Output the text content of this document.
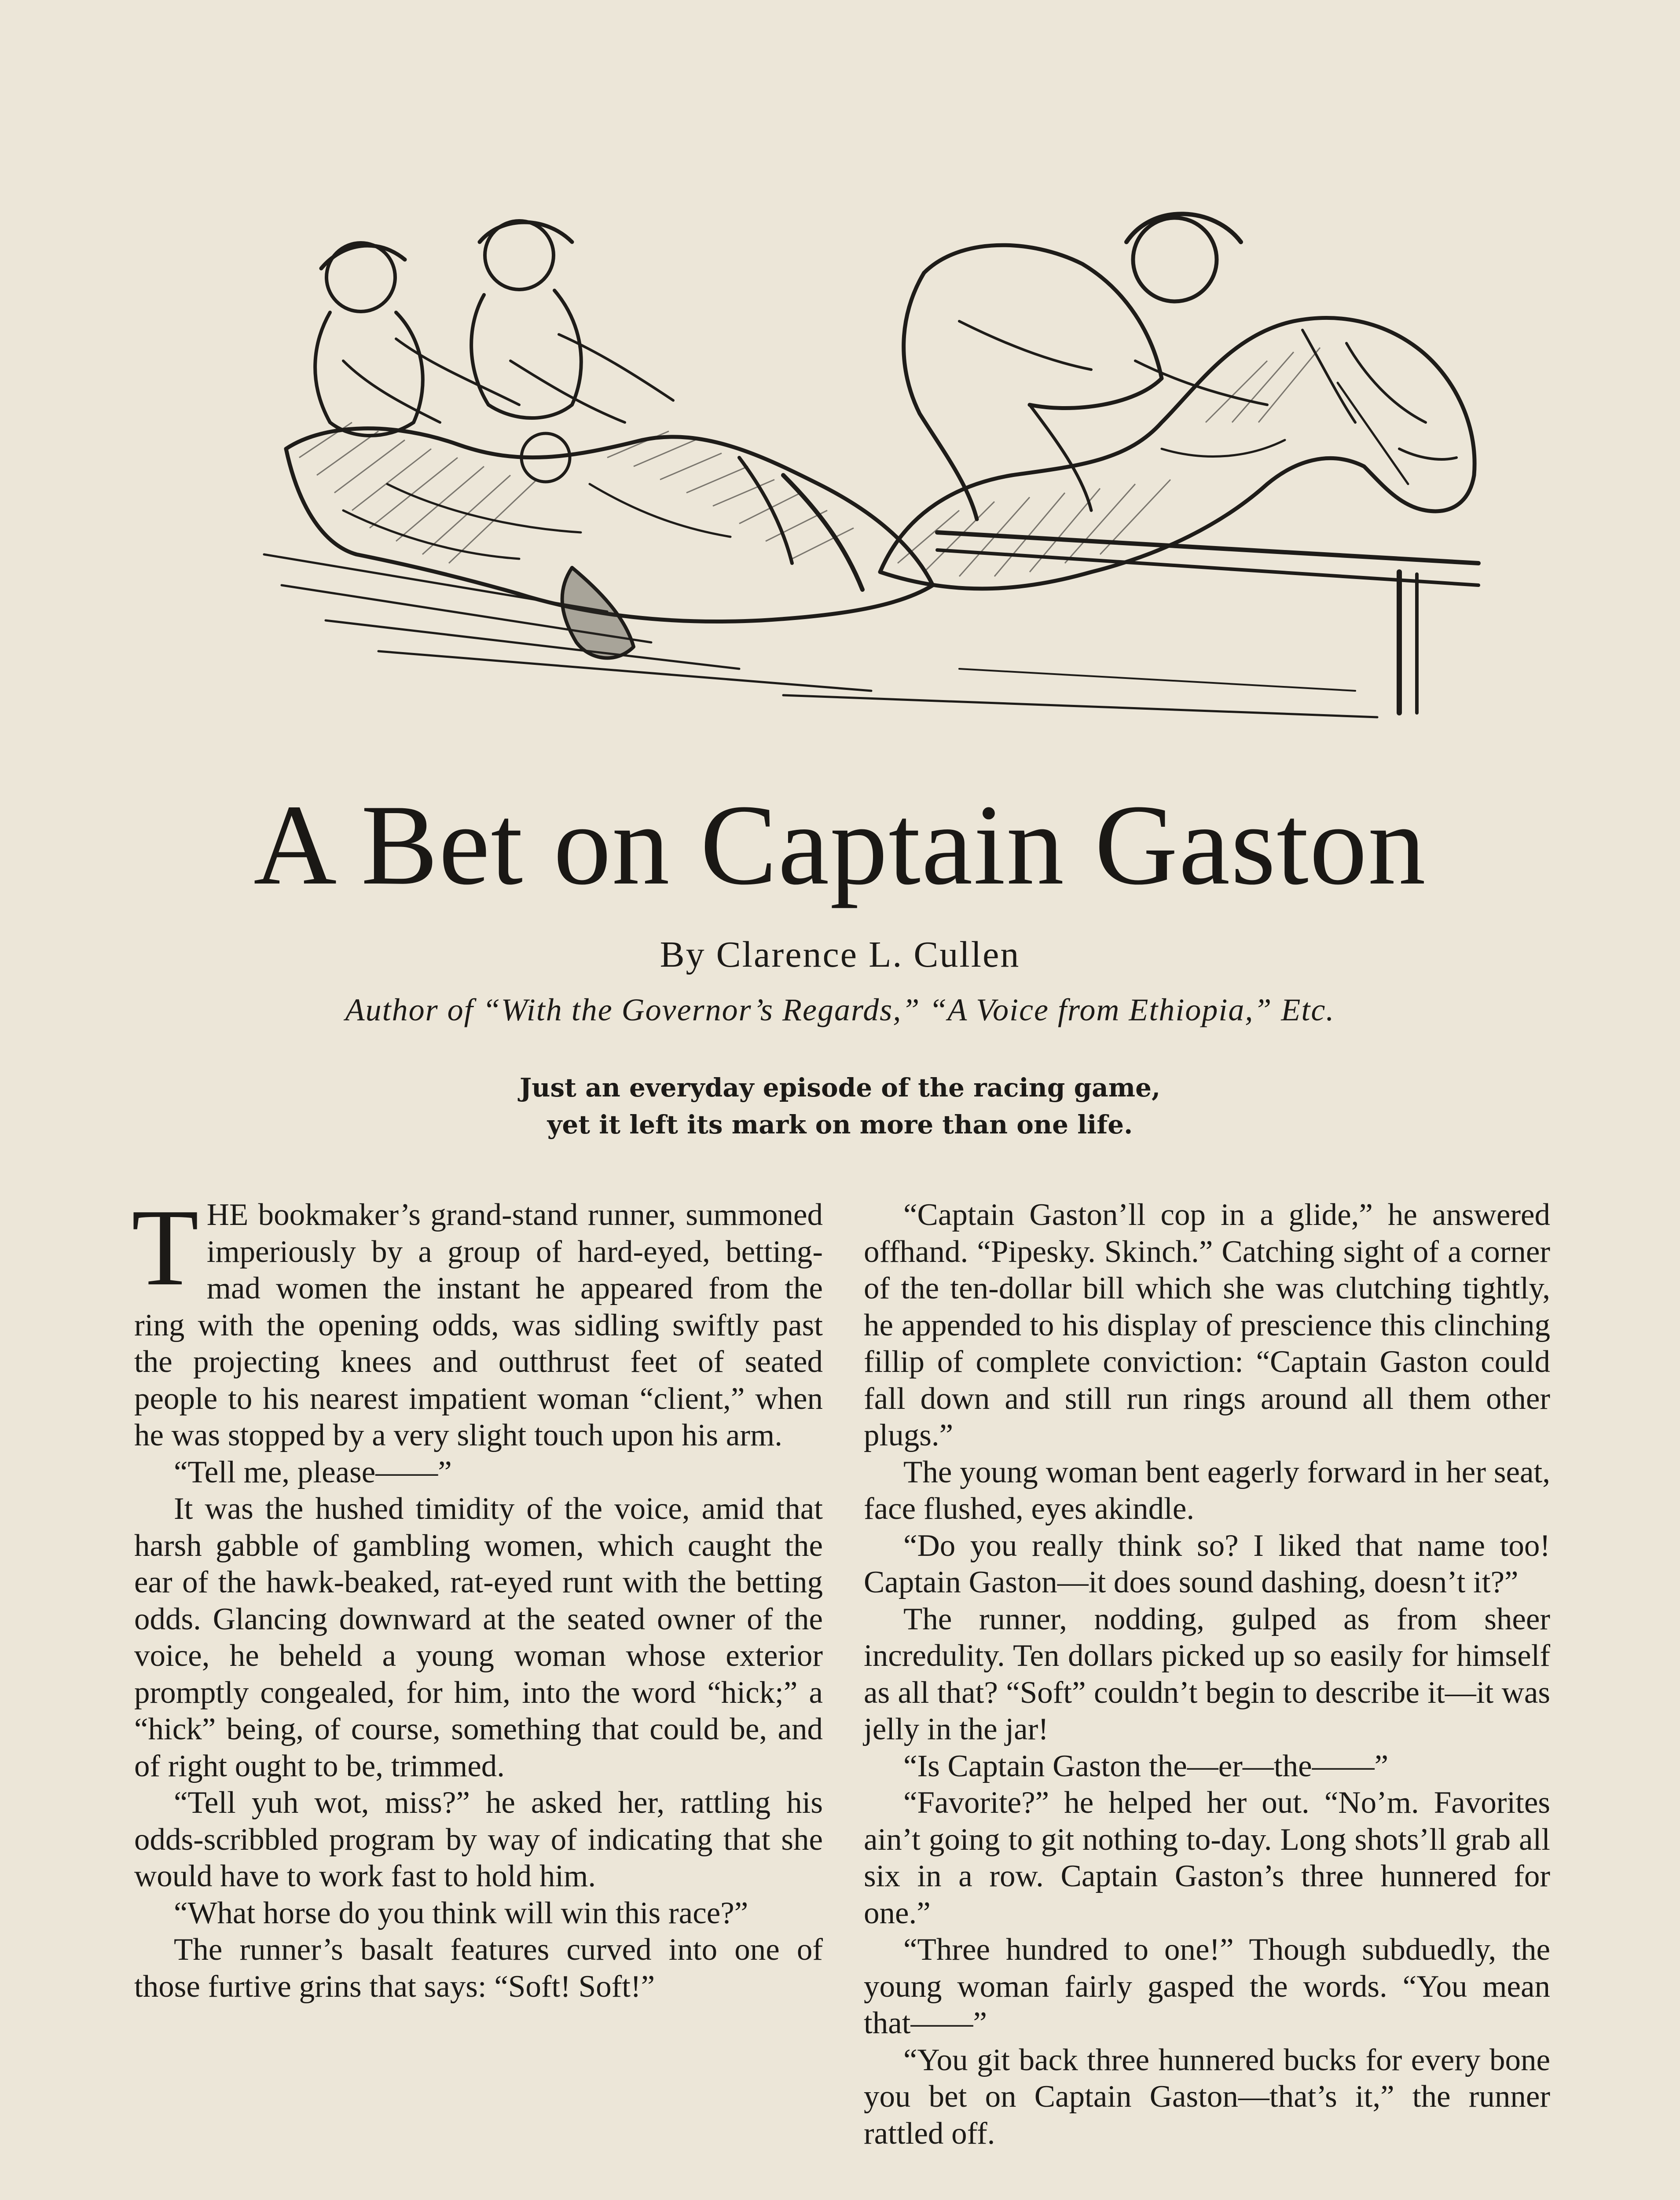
A Bet on Captain Gaston
By Clarence L. Cullen
Author of “With the Governor’s Regards,” “A Voice from Ethiopia,” Etc.
Just an everyday episode of the racing game,
yet it left its mark on more than one life.

THE bookmaker’s grand-stand runner, summoned imperiously by a group of hard-eyed, betting-mad women the instant he appeared from the ring with the opening odds, was sidling swiftly past the projecting knees and outthrust feet of seated people to his nearest impatient woman “client,” when he was stopped by a very slight touch upon his arm.

“Tell me, please——”

It was the hushed timidity of the voice, amid that harsh gabble of gambling women, which caught the ear of the hawk-beaked, rat-eyed runt with the betting odds. Glancing downward at the seated owner of the voice, he beheld a young woman whose exterior promptly congealed, for him, into the word “hick;” a “hick” being, of course, something that could be, and of right ought to be, trimmed.

“Tell yuh wot, miss?” he asked her, rattling his odds-scribbled program by way of indicating that she would have to work fast to hold him.

“What horse do you think will win this race?”

The runner’s basalt features curved into one of those furtive grins that says: “Soft! Soft!”

“Captain Gaston’ll cop in a glide,” he answered offhand. “Pipesky. Skinch.” Catching sight of a corner of the ten-dollar bill which she was clutching tightly, he appended to his display of prescience this clinching fillip of complete conviction: “Captain Gaston could fall down and still run rings around all them other plugs.”

The young woman bent eagerly forward in her seat, face flushed, eyes akindle.

“Do you really think so? I liked that name too! Captain Gaston—it does sound dashing, doesn’t it?”

The runner, nodding, gulped as from sheer incredulity. Ten dollars picked up so easily for himself as all that? “Soft” couldn’t begin to describe it—it was jelly in the jar!

“Is Captain Gaston the—er—the——”

“Favorite?” he helped her out. “No’m. Favorites ain’t going to git nothing to-day. Long shots’ll grab all six in a row. Captain Gaston’s three hunnered for one.”

“Three hundred to one!” Though subduedly, the young woman fairly gasped the words. “You mean that——”

“You git back three hunnered bucks for every bone you bet on Captain Gaston—that’s it,” the runner rattled off.
